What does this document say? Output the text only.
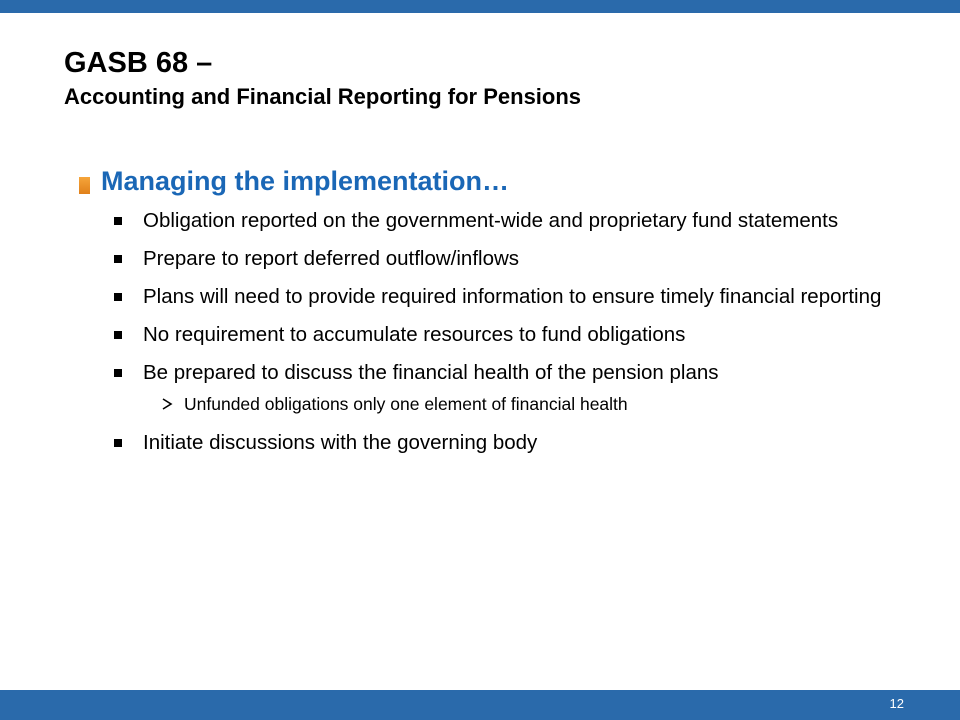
GASB 68 –
Accounting and Financial Reporting for Pensions
Managing the implementation…
Obligation reported on the government-wide and proprietary fund statements
Prepare to report deferred outflow/inflows
Plans will need to provide required information to ensure timely financial reporting
No requirement to accumulate resources to fund obligations
Be prepared to discuss the financial health of the pension plans
Unfunded obligations only one element of financial health
Initiate discussions with the governing body
12
